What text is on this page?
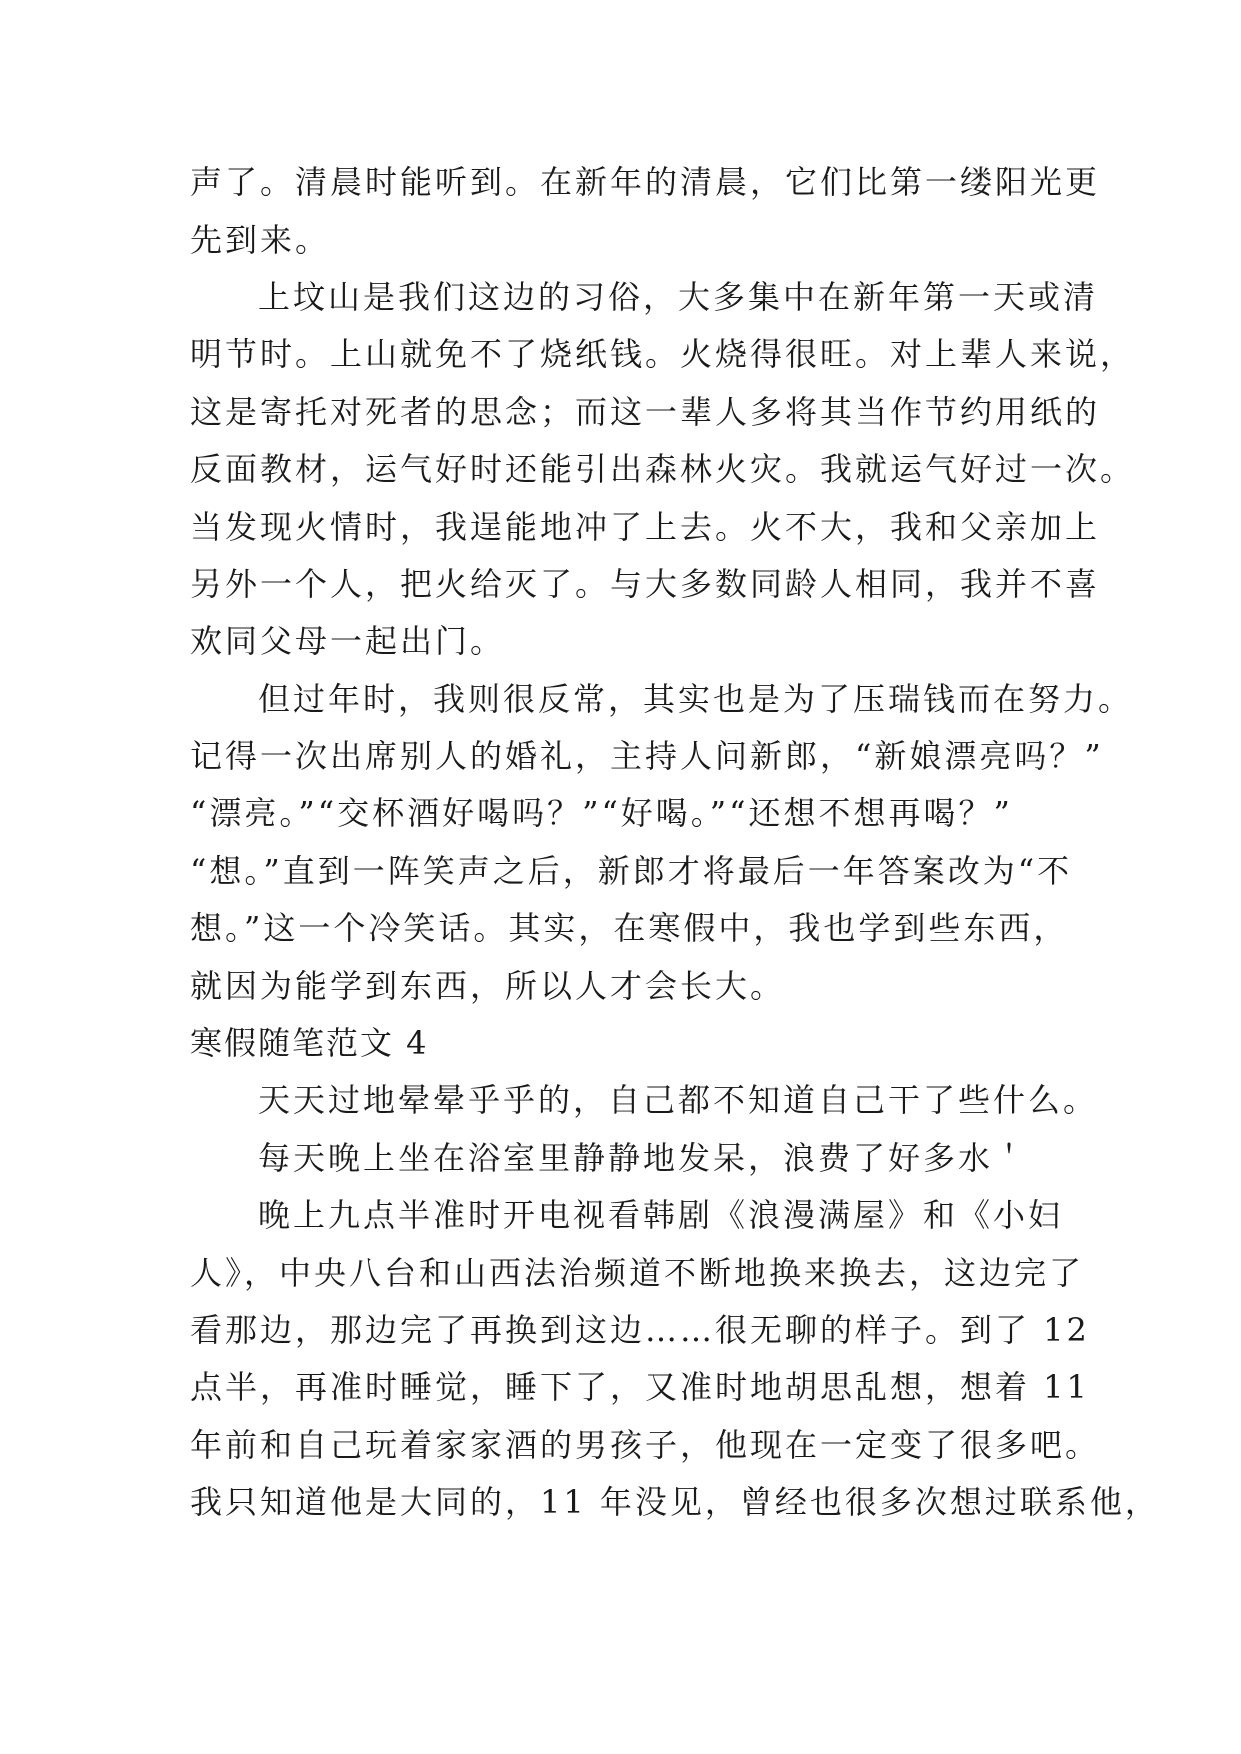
声了。清晨时能听到。在新年的清晨，它们比第一缕阳光更
先到来。
上坟山是我们这边的习俗，大多集中在新年第一天或清
明节时。上山就免不了烧纸钱。火烧得很旺。对上辈人来说，
这是寄托对死者的思念；而这一辈人多将其当作节约用纸的
反面教材，运气好时还能引出森林火灾。我就运气好过一次。
当发现火情时，我逞能地冲了上去。火不大，我和父亲加上
另外一个人，把火给灭了。与大多数同龄人相同，我并不喜
欢同父母一起出门。
但过年时，我则很反常，其实也是为了压瑞钱而在努力。
记得一次出席别人的婚礼，主持人问新郎，“新娘漂亮吗？”
“漂亮。”“交杯酒好喝吗？”“好喝。”“还想不想再喝？”
“想。”直到一阵笑声之后，新郎才将最后一年答案改为“不
想。”这一个冷笑话。其实，在寒假中，我也学到些东西，
就因为能学到东西，所以人才会长大。
寒假随笔范文 4
天天过地晕晕乎乎的，自己都不知道自己干了些什么。
每天晚上坐在浴室里静静地发呆，浪费了好多水＇
晚上九点半准时开电视看韩剧《浪漫满屋》和《小妇
人》，中央八台和山西法治频道不断地换来换去，这边完了
看那边，那边完了再换到这边……很无聊的样子。到了 12
点半，再准时睡觉，睡下了，又准时地胡思乱想，想着 11
年前和自己玩着家家酒的男孩子，他现在一定变了很多吧。
我只知道他是大同的，11 年没见，曾经也很多次想过联系他，
